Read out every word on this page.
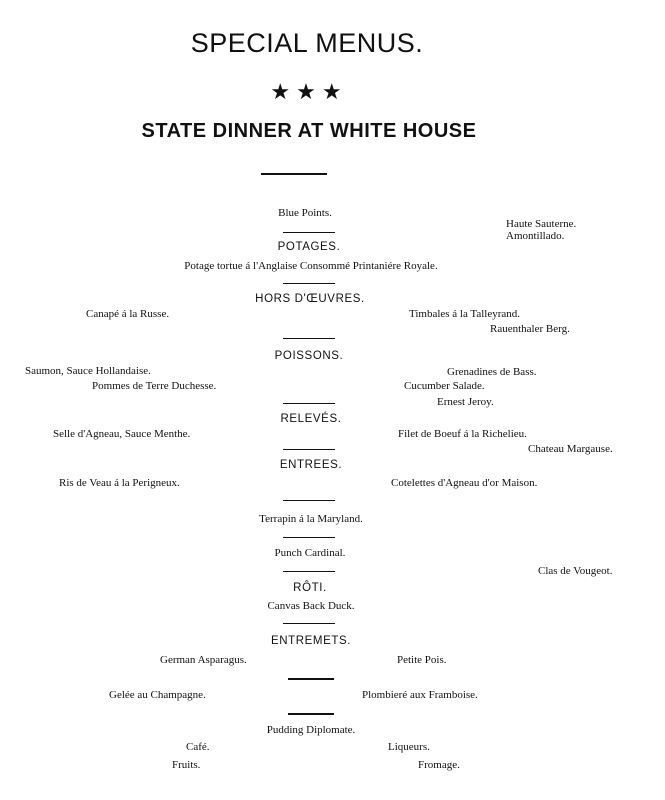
SPECIAL MENUS.
★★★
STATE DINNER AT WHITE HOUSE
Blue Points.
Haute Sauterne.
Amontillado.
POTAGES.
Potage tortue á l'Anglaise Consommé Printaniére Royale.
HORS D'ŒUVRES.
Canapé á la Russe.	Timbales á la Talleyrand.
Rauenthaler Berg.
POISSONS.
Saumon, Sauce Hollandaise.
Pommes de Terre Duchesse.
Grenadines de Bass.
Cucumber Salade.
Ernest Jeroy.
RELEVÉS.
Selle d'Agneau, Sauce Menthe.	Filet de Boeuf á la Richelieu.
Chateau Margause.
ENTREES.
Ris de Veau á la Perigneux.	Cotelettes d'Agneau d'or Maison.
Terrapin á la Maryland.
Punch Cardinal.
Clas de Vougeot.
RÔTI.
Canvas Back Duck.
ENTREMETS.
German Asparagus.	Petite Pois.
Gelée au Champagne.	Plombieré aux Framboise.
Pudding Diplomate.
Café.	Liqueurs.
Fruits.	Fromage.
